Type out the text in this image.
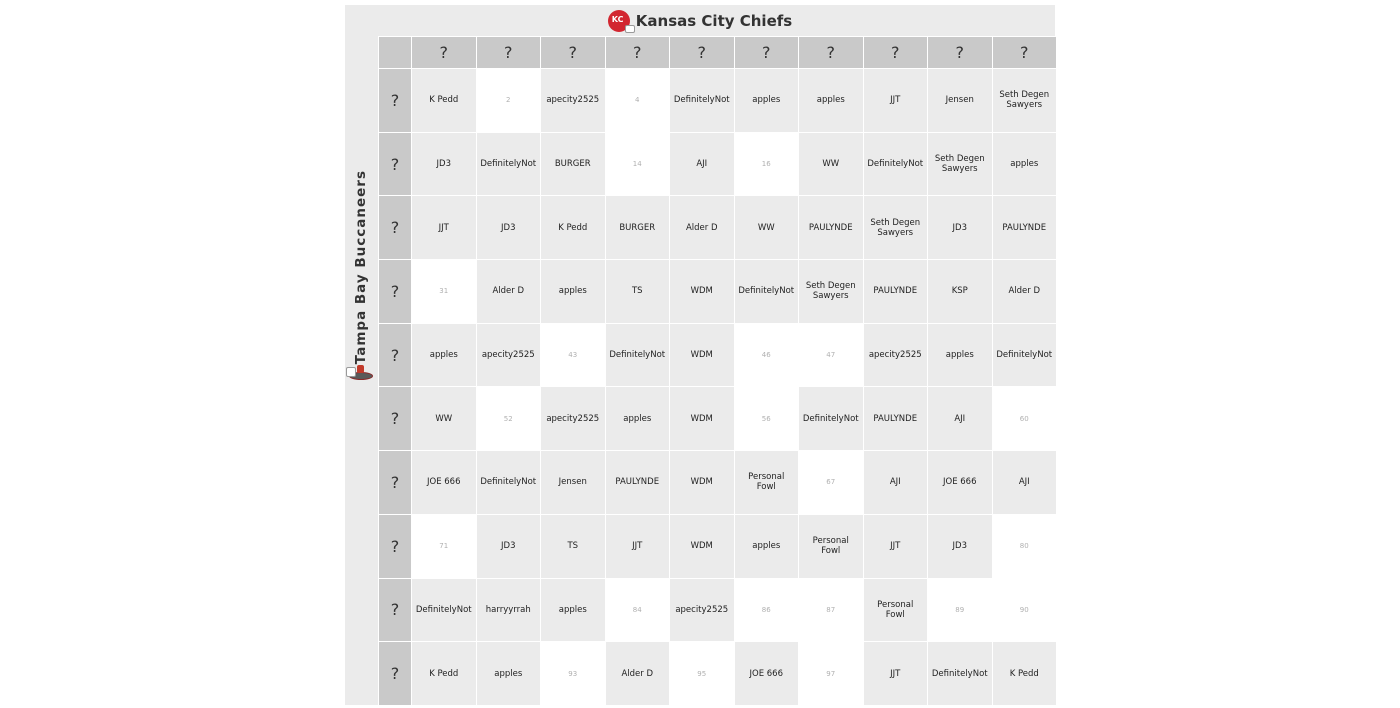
KC
Kansas City Chiefs
Tampa Bay Buccaneers
?	?	?	?	?	?	?	?	?	?
?	K Pedd	2	apecity2525	4	DefinitelyNot	apples	apples	JJT	Jensen	Seth Degen Sawyers
?	JD3	DefinitelyNot	BURGER	14	AJI	16	WW	DefinitelyNot	Seth Degen Sawyers	apples
?	JJT	JD3	K Pedd	BURGER	Alder D	WW	PAULYNDE	Seth Degen Sawyers	JD3	PAULYNDE
?	31	Alder D	apples	TS	WDM	DefinitelyNot	Seth Degen Sawyers	PAULYNDE	KSP	Alder D
?	apples	apecity2525	43	DefinitelyNot	WDM	46	47	apecity2525	apples	DefinitelyNot
?	WW	52	apecity2525	apples	WDM	56	DefinitelyNot	PAULYNDE	AJI	60
?	JOE 666	DefinitelyNot	Jensen	PAULYNDE	WDM	Personal Fowl	67	AJI	JOE 666	AJI
?	71	JD3	TS	JJT	WDM	apples	Personal Fowl	JJT	JD3	80
?	DefinitelyNot	harryyrrah	apples	84	apecity2525	86	87	Personal Fowl	89	90
?	K Pedd	apples	93	Alder D	95	JOE 666	97	JJT	DefinitelyNot	K Pedd
